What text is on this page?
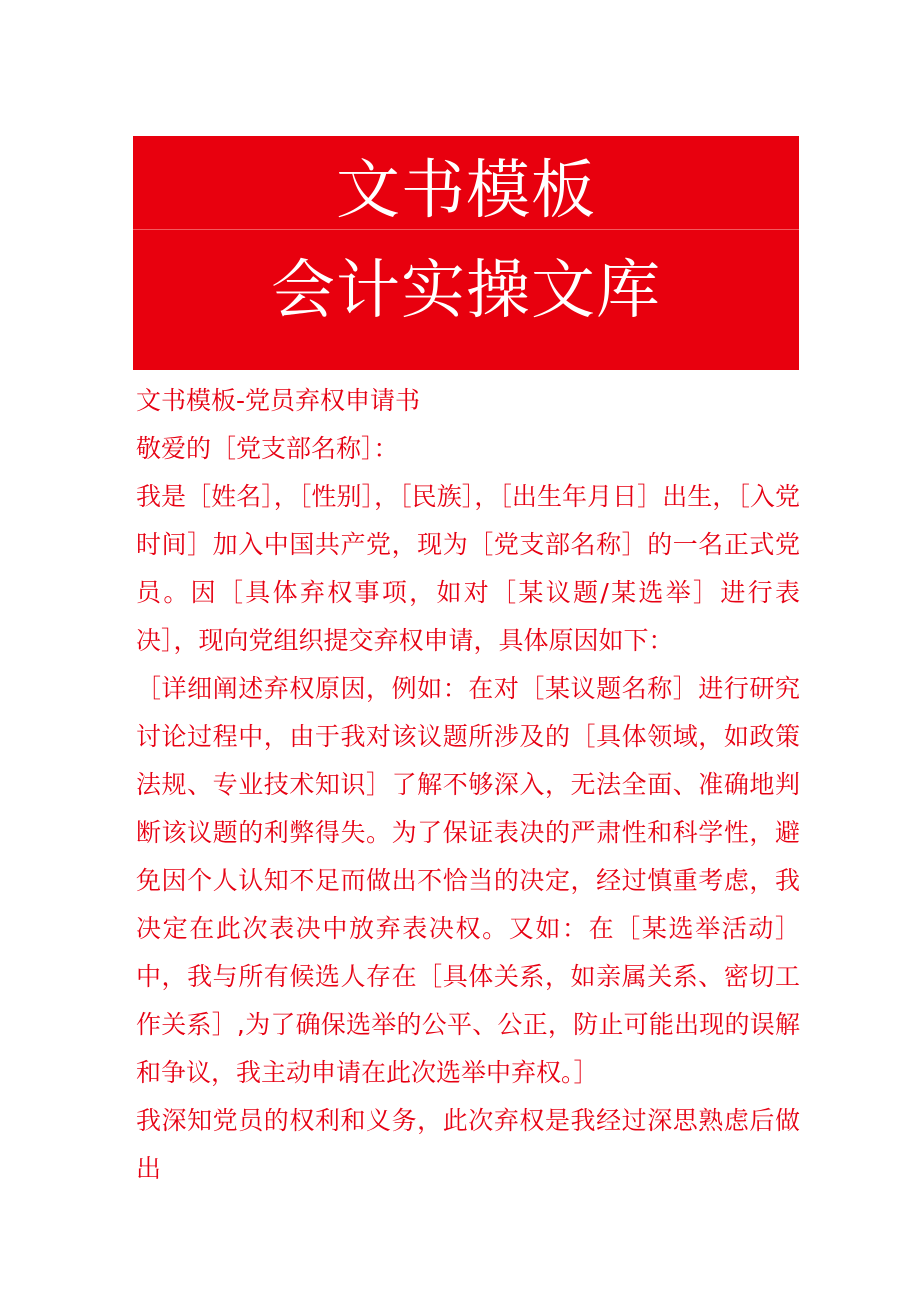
文书模板
会计实操文库

文书模板-党员弃权申请书

敬爱的［党支部名称］：

我是［姓名］，［性别］，［民族］，［出生年月日］出生，［入党时间］加入中国共产党，现为［党支部名称］的一名正式党员。因［具体弃权事项，如对［某议题/某选举］进行表决］，现向党组织提交弃权申请，具体原因如下：

［详细阐述弃权原因，例如：在对［某议题名称］进行研究讨论过程中，由于我对该议题所涉及的［具体领域，如政策法规、专业技术知识］了解不够深入，无法全面、准确地判断该议题的利弊得失。为了保证表决的严肃性和科学性，避免因个人认知不足而做出不恰当的决定，经过慎重考虑，我决定在此次表决中放弃表决权。又如：在［某选举活动］中，我与所有候选人存在［具体关系，如亲属关系、密切工作关系］,为了确保选举的公平、公正，防止可能出现的误解和争议，我主动申请在此次选举中弃权。］

我深知党员的权利和义务，此次弃权是我经过深思熟虑后做出
